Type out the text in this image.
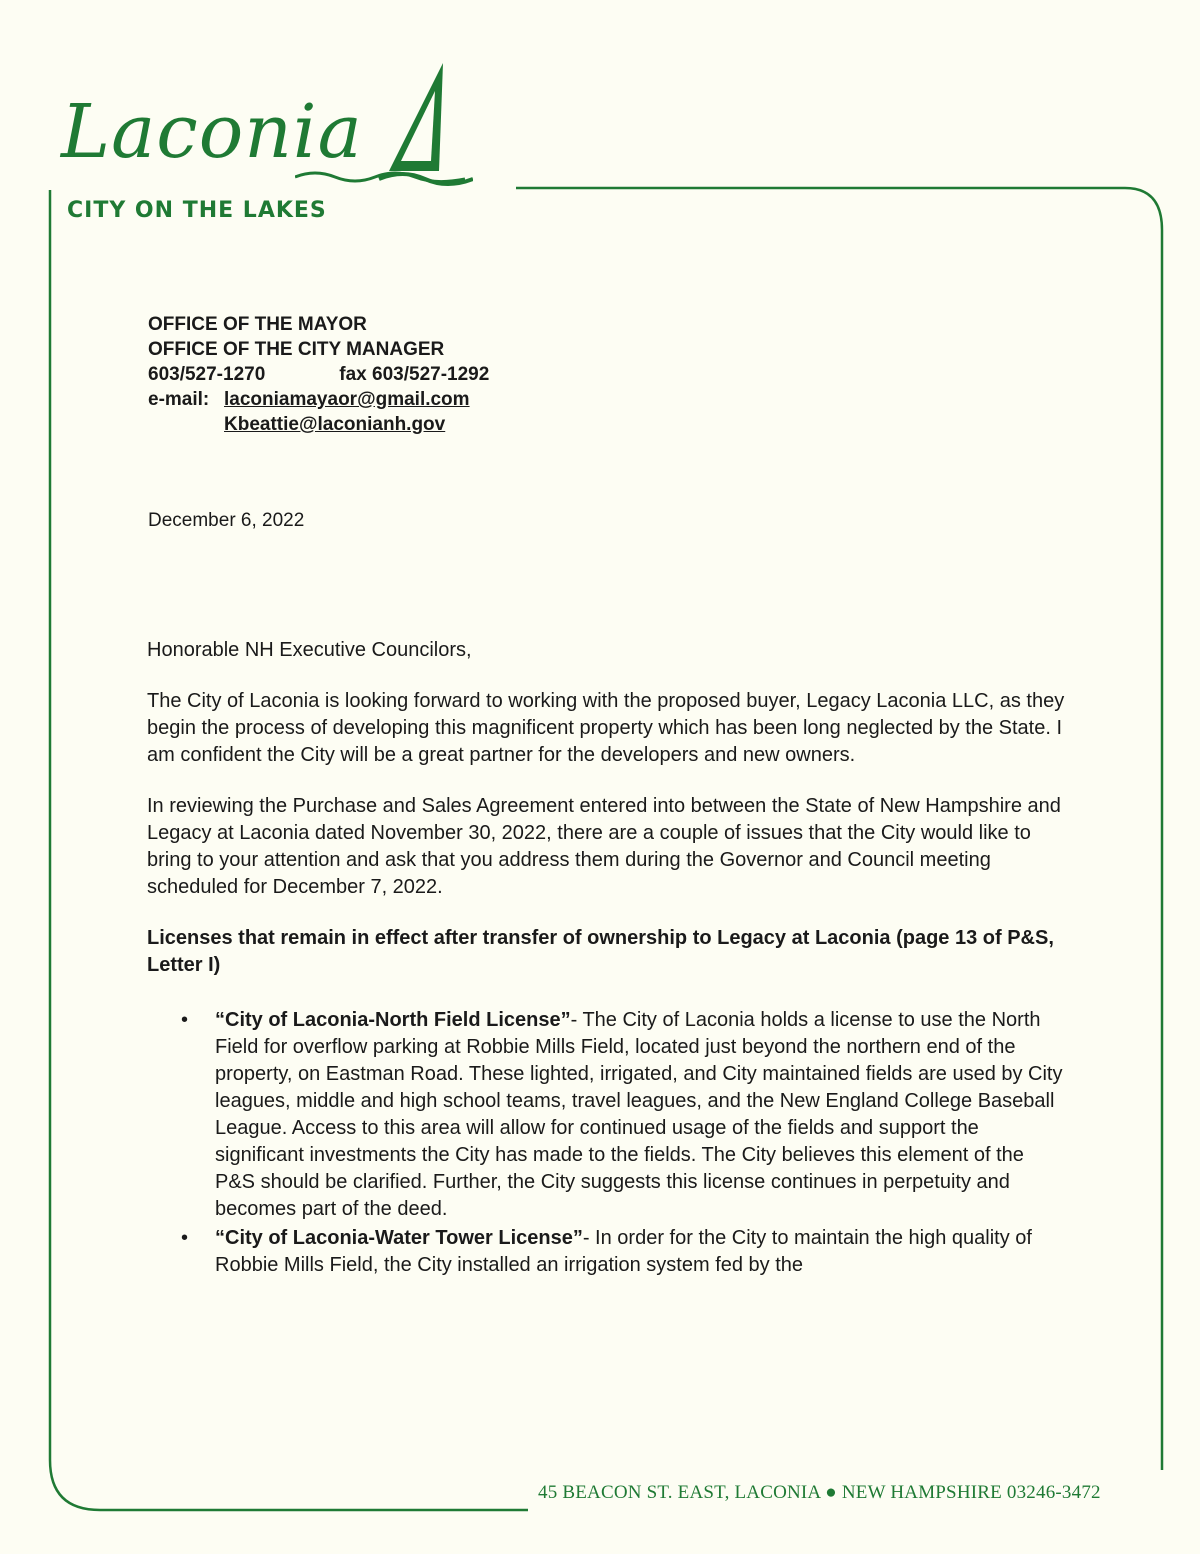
Laconia
CITY ON THE LAKES
OFFICE OF THE MAYOR
OFFICE OF THE CITY MANAGER
603/527-1270	fax 603/527-1292
e-mail: laconiamayaor@gmail.com
Kbeattie@laconianh.gov
December 6, 2022

Honorable NH Executive Councilors,

The City of Laconia is looking forward to working with the proposed buyer, Legacy Laconia LLC, as they begin the process of developing this magnificent property which has been long neglected by the State. I am confident the City will be a great partner for the developers and new owners.

In reviewing the Purchase and Sales Agreement entered into between the State of New Hampshire and Legacy at Laconia dated November 30, 2022, there are a couple of issues that the City would like to bring to your attention and ask that you address them during the Governor and Council meeting scheduled for December 7, 2022.

Licenses that remain in effect after transfer of ownership to Legacy at Laconia (page 13 of P&S, Letter I)

• “City of Laconia-North Field License”- The City of Laconia holds a license to use the North Field for overflow parking at Robbie Mills Field, located just beyond the northern end of the property, on Eastman Road. These lighted, irrigated, and City maintained fields are used by City leagues, middle and high school teams, travel leagues, and the New England College Baseball League. Access to this area will allow for continued usage of the fields and support the significant investments the City has made to the fields. The City believes this element of the P&S should be clarified. Further, the City suggests this license continues in perpetuity and becomes part of the deed.
• “City of Laconia-Water Tower License”- In order for the City to maintain the high quality of Robbie Mills Field, the City installed an irrigation system fed by the
45 BEACON ST. EAST, LACONIA ● NEW HAMPSHIRE 03246-3472
